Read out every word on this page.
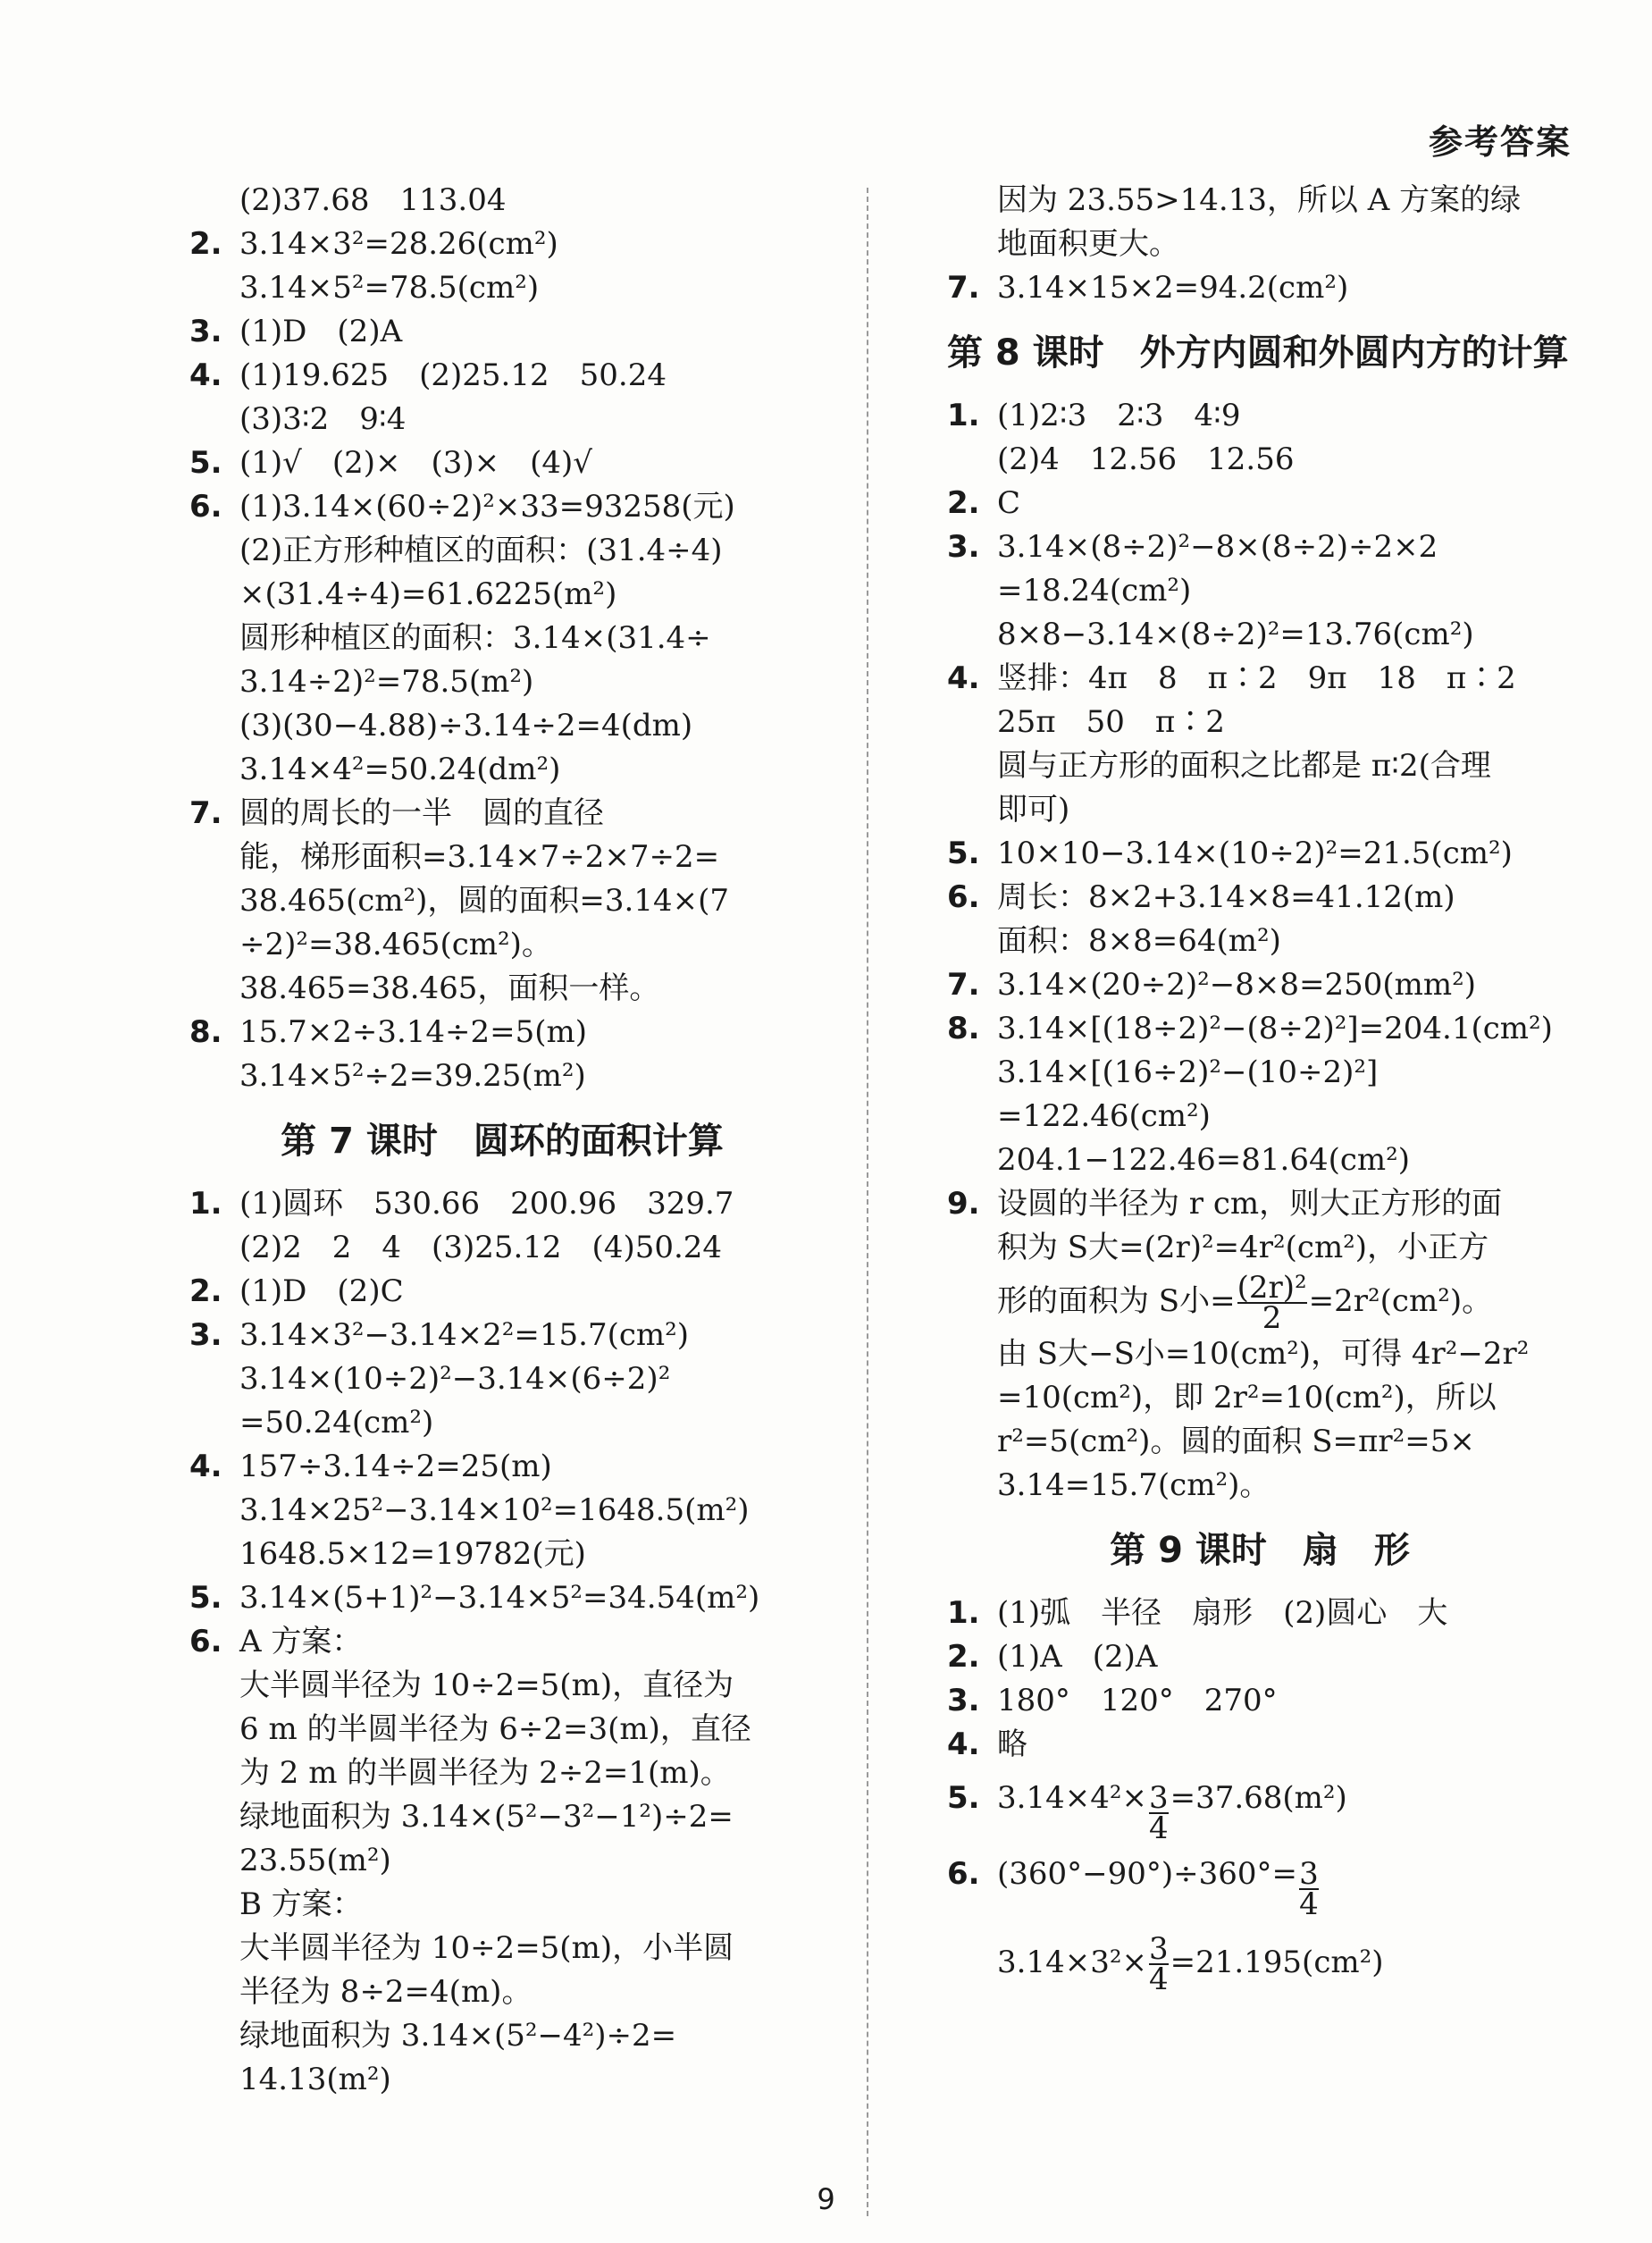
参考答案
(2)37.68　113.04
2. 3.14×3²=28.26(cm²)
3.14×5²=78.5(cm²)
3. (1)D　(2)A
4. (1)19.625　(2)25.12　50.24
(3)3∶2　9∶4
5. (1)√　(2)×　(3)×　(4)√
6. (1)3.14×(60÷2)²×33=93258(元)
(2)正方形种植区的面积：(31.4÷4)
×(31.4÷4)=61.6225(m²)
圆形种植区的面积：3.14×(31.4÷
3.14÷2)²=78.5(m²)
(3)(30−4.88)÷3.14÷2=4(dm)
3.14×4²=50.24(dm²)
7. 圆的周长的一半　圆的直径
能，梯形面积=3.14×7÷2×7÷2=
38.465(cm²)，圆的面积=3.14×(7
÷2)²=38.465(cm²)。
38.465=38.465，面积一样。
8. 15.7×2÷3.14÷2=5(m)
3.14×5²÷2=39.25(m²)
第 7 课时　圆环的面积计算
1. (1)圆环　530.66　200.96　329.7
(2)2　2　4　(3)25.12　(4)50.24
2. (1)D　(2)C
3. 3.14×3²−3.14×2²=15.7(cm²)
3.14×(10÷2)²−3.14×(6÷2)²
=50.24(cm²)
4. 157÷3.14÷2=25(m)
3.14×25²−3.14×10²=1648.5(m²)
1648.5×12=19782(元)
5. 3.14×(5+1)²−3.14×5²=34.54(m²)
6. A 方案：
大半圆半径为 10÷2=5(m)，直径为
6 m 的半圆半径为 6÷2=3(m)，直径
为 2 m 的半圆半径为 2÷2=1(m)。
绿地面积为 3.14×(5²−3²−1²)÷2=
23.55(m²)
B 方案：
大半圆半径为 10÷2=5(m)，小半圆
半径为 8÷2=4(m)。
绿地面积为 3.14×(5²−4²)÷2=
14.13(m²)
因为 23.55>14.13，所以 A 方案的绿
地面积更大。
7. 3.14×15×2=94.2(cm²)
第 8 课时　外方内圆和外圆内方的计算
1. (1)2∶3　2∶3　4∶9
(2)4　12.56　12.56
2. C
3. 3.14×(8÷2)²−8×(8÷2)÷2×2
=18.24(cm²)
8×8−3.14×(8÷2)²=13.76(cm²)
4. 竖排：4π　8　π∶2　9π　18　π∶2
25π　50　π∶2
圆与正方形的面积之比都是 π∶2(合理
即可)
5. 10×10−3.14×(10÷2)²=21.5(cm²)
6. 周长：8×2+3.14×8=41.12(m)
面积：8×8=64(m²)
7. 3.14×(20÷2)²−8×8=250(mm²)
8. 3.14×[(18÷2)²−(8÷2)²]=204.1(cm²)
3.14×[(16÷2)²−(10÷2)²]
=122.46(cm²)
204.1−122.46=81.64(cm²)
9. 设圆的半径为 r cm，则大正方形的面
积为 S大=(2r)²=4r²(cm²)，小正方
形的面积为 S小= $\frac{\text{(2r)²}}{2} =2r^2(cm^2)$。
由 S大−S小=10(cm²)，可得 4r²−2r²
=10(cm²)，即 2r²=10(cm²)，所以
r²=5(cm²)。圆的面积 S=πr²=5×
3.14=15.7(cm²)。
第 9 课时　扇　形
1. (1)弧　半径　扇形　(2)圆心　大
2. (1)A　(2)A
3. 180°　120°　270°
4. 略
5. $3.14\times 4^2\times \frac{3}{4} =37.68(m^2)$
6. $(360^\circ-90^\circ)\div 360^\circ= \frac{3}{4}$
$3.14\times 3^2\times \frac{3}{4} =21.195(cm^2)$
9
